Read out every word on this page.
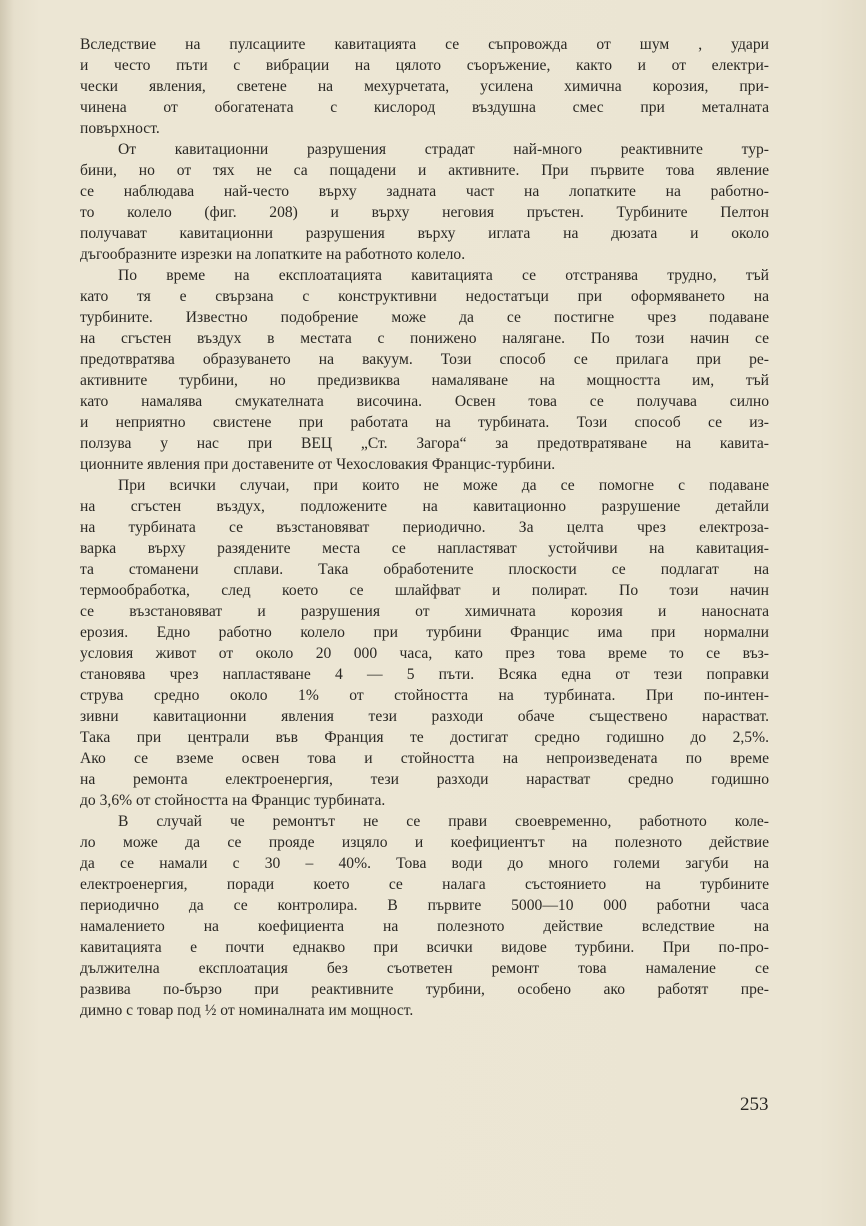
Вследствие на пулсациите кавитацията се съпровожда от шум , удари
и често пъти с вибрации на цялото съоръжение, както и от електри-
чески явления, светене на мехурчетата, усилена химична корозия, при-
чинена от обогатената с кислород въздушна смес при металната
повърхност.
От кавитационни разрушения страдат най-много реактивните тур-
бини, но от тях не са пощадени и активните. При първите това явление
се наблюдава най-често върху задната част на лопатките на работно-
то колело (фиг. 208) и върху неговия пръстен. Турбините Пелтон
получават кавитационни разрушения върху иглата на дюзата и около
дъгообразните изрезки на лопатките на работното колело.
По време на експлоатацията кавитацията се отстранява трудно, тъй
като тя е свързана с конструктивни недостатъци при оформяването на
турбините. Известно подобрение може да се постигне чрез подаване
на сгъстен въздух в местата с понижено налягане. По този начин се
предотвратява образуването на вакуум. Този способ се прилага при ре-
активните турбини, но предизвиква намаляване на мощността им, тъй
като намалява смукателната височина. Освен това се получава силно
и неприятно свистене при работата на турбината. Този способ се из-
ползува у нас при ВЕЦ „Ст. Загора“ за предотвратяване на кавита-
ционните явления при доставените от Чехословакия Францис-турбини.
При всички случаи, при които не може да се помогне с подаване
на сгъстен въздух, подложените на кавитационно разрушение детайли
на турбината се възстановяват периодично. За целта чрез електроза-
варка върху разядените места се напластяват устойчиви на кавитация-
та стоманени сплави. Така обработените плоскости се подлагат на
термообработка, след което се шлайфват и полират. По този начин
се възстановяват и разрушения от химичната корозия и наносната
ерозия. Едно работно колело при турбини Францис има при нормални
условия живот от около 20 000 часа, като през това време то се въз-
становява чрез напластяване 4 — 5 пъти. Всяка една от тези поправки
струва средно около 1% от стойността на турбината. При по-интен-
зивни кавитационни явления тези разходи обаче съществено нарастват.
Така при централи във Франция те достигат средно годишно до 2,5%.
Ако се вземе освен това и стойността на непроизведената по време
на ремонта електроенергия, тези разходи нарастват средно годишно
до 3,6% от стойността на Францис турбината.
В случай че ремонтът не се прави своевременно, работното коле-
ло може да се прояде изцяло и коефициентът на полезното действие
да се намали с 30 – 40%. Това води до много големи загуби на
електроенергия, поради което се налага състоянието на турбините
периодично да се контролира. В първите 5000—10 000 работни часа
намалението на коефициента на полезното действие вследствие на
кавитацията е почти еднакво при всички видове турбини. При по-про-
дължителна експлоатация без съответен ремонт това намаление се
развива по-бързо при реактивните турбини, особено ако работят пре-
димно с товар под ½ от номиналната им мощност.
253
